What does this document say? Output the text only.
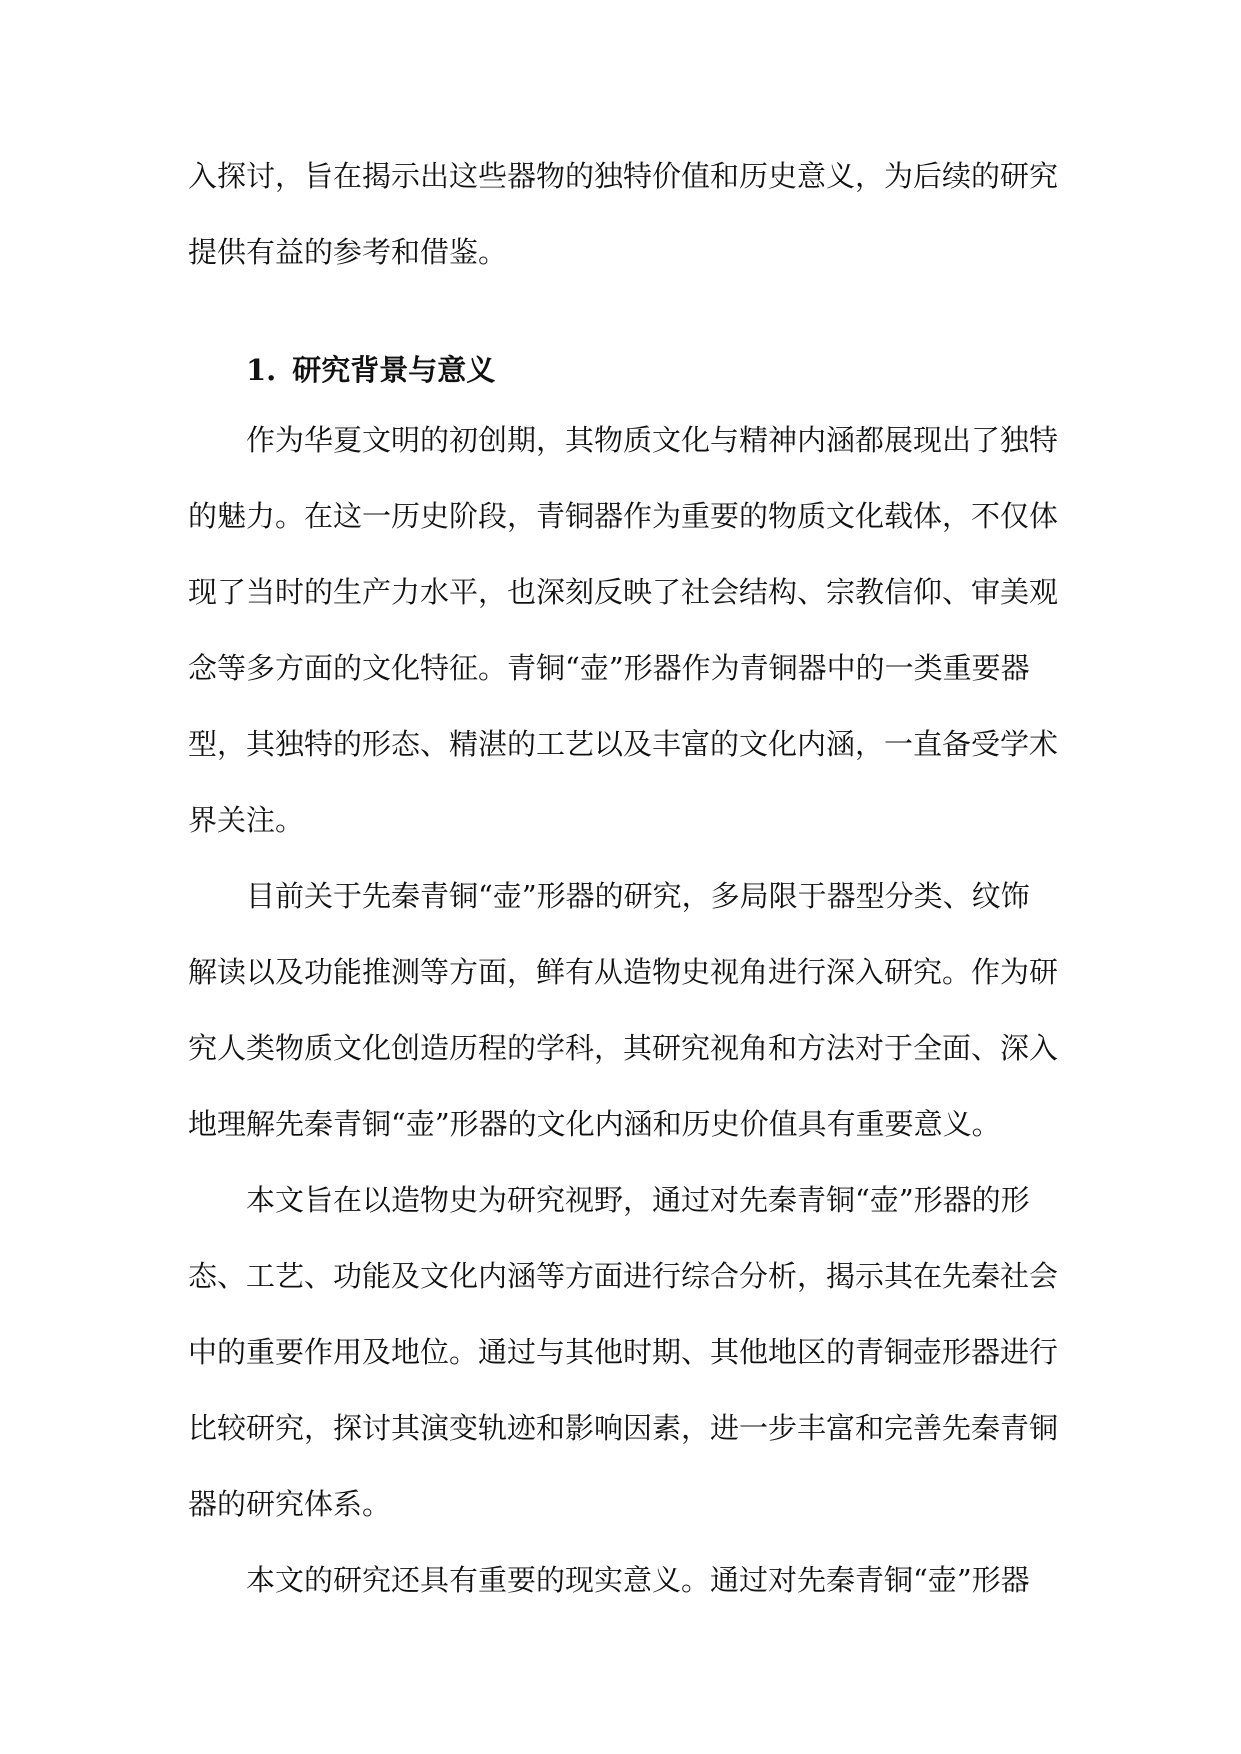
入探讨，旨在揭示出这些器物的独特价值和历史意义，为后续的研究
提供有益的参考和借鉴。
1. 研究背景与意义
作为华夏文明的初创期，其物质文化与精神内涵都展现出了独特
的魅力。在这一历史阶段，青铜器作为重要的物质文化载体，不仅体
现了当时的生产力水平，也深刻反映了社会结构、宗教信仰、审美观
念等多方面的文化特征。青铜“壶”形器作为青铜器中的一类重要器
型，其独特的形态、精湛的工艺以及丰富的文化内涵，一直备受学术
界关注。
目前关于先秦青铜“壶”形器的研究，多局限于器型分类、纹饰
解读以及功能推测等方面，鲜有从造物史视角进行深入研究。作为研
究人类物质文化创造历程的学科，其研究视角和方法对于全面、深入
地理解先秦青铜“壶”形器的文化内涵和历史价值具有重要意义。
本文旨在以造物史为研究视野，通过对先秦青铜“壶”形器的形
态、工艺、功能及文化内涵等方面进行综合分析，揭示其在先秦社会
中的重要作用及地位。通过与其他时期、其他地区的青铜壶形器进行
比较研究，探讨其演变轨迹和影响因素，进一步丰富和完善先秦青铜
器的研究体系。
本文的研究还具有重要的现实意义。通过对先秦青铜“壶”形器
